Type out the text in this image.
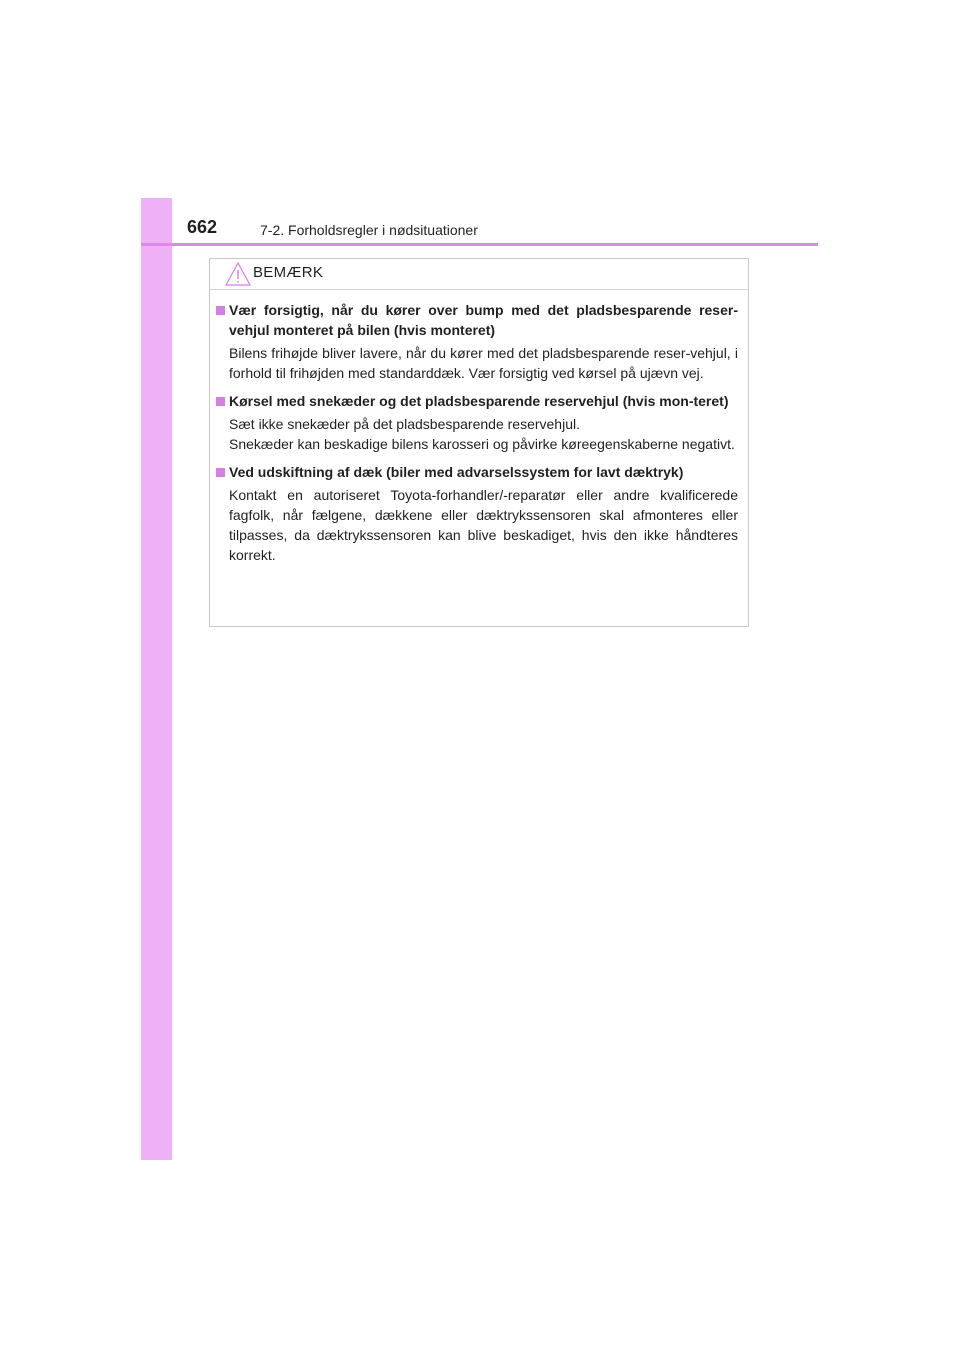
662	7-2. Forholdsregler i nødsituationer
BEMÆRK
Vær forsigtig, når du kører over bump med det pladsbesparende reser-vehjul monteret på bilen (hvis monteret)

Bilens frihøjde bliver lavere, når du kører med det pladsbesparende reser-vehjul, i forhold til frihøjden med standarddæk. Vær forsigtig ved kørsel på ujævn vej.

Kørsel med snekæder og det pladsbesparende reservehjul (hvis mon-teret)

Sæt ikke snekæder på det pladsbesparende reservehjul.

Snekæder kan beskadige bilens karosseri og påvirke køreegenskaberne negativt.

Ved udskiftning af dæk (biler med advarselssystem for lavt dæktryk)

Kontakt en autoriseret Toyota-forhandler/-reparatør eller andre kvalificerede fagfolk, når fælgene, dækkene eller dæktrykssensoren skal afmonteres eller tilpasses, da dæktrykssensoren kan blive beskadiget, hvis den ikke håndteres korrekt.
